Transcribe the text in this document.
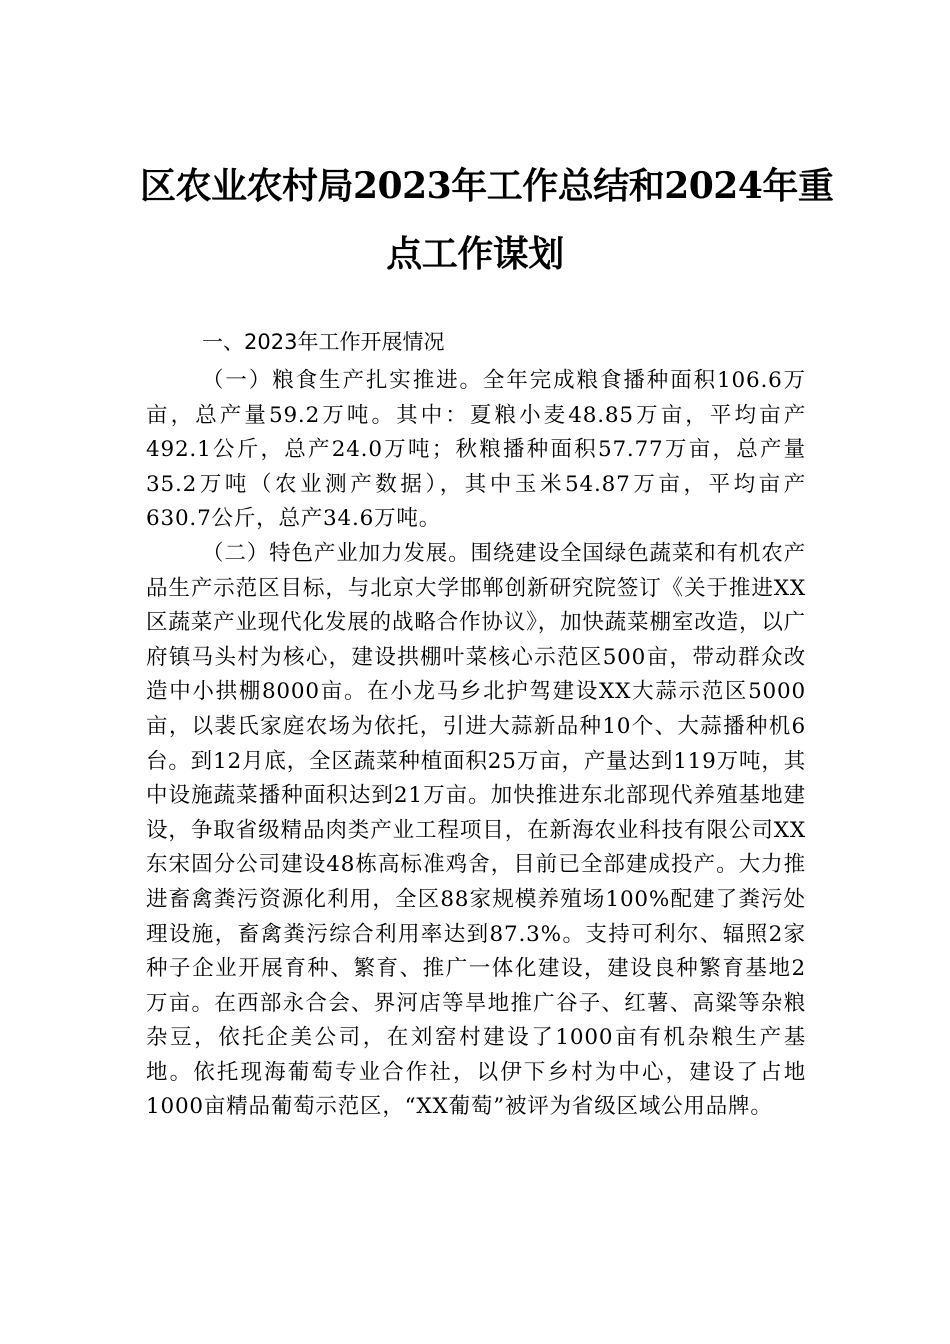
区农业农村局2023年工作总结和2024年重
点工作谋划

一、2023年工作开展情况

（一）粮食生产扎实推进。全年完成粮食播种面积106.6万亩，总产量59.2万吨。其中：夏粮小麦48.85万亩，平均亩产492.1公斤，总产24.0万吨；秋粮播种面积57.77万亩，总产量35.2万吨（农业测产数据），其中玉米54.87万亩，平均亩产630.7公斤，总产34.6万吨。

（二）特色产业加力发展。围绕建设全国绿色蔬菜和有机农产品生产示范区目标，与北京大学邯郸创新研究院签订《关于推进XX区蔬菜产业现代化发展的战略合作协议》，加快蔬菜棚室改造，以广府镇马头村为核心，建设拱棚叶菜核心示范区500亩，带动群众改造中小拱棚8000亩。在小龙马乡北护驾建设XX大蒜示范区5000亩，以裴氏家庭农场为依托，引进大蒜新品种10个、大蒜播种机6台。到12月底，全区蔬菜种植面积25万亩，产量达到119万吨，其中设施蔬菜播种面积达到21万亩。加快推进东北部现代养殖基地建设，争取省级精品肉类产业工程项目，在新海农业科技有限公司XX东宋固分公司建设48栋高标准鸡舍，目前已全部建成投产。大力推进畜禽粪污资源化利用，全区88家规模养殖场100%配建了粪污处理设施，畜禽粪污综合利用率达到87.3%。支持可利尔、辐照2家种子企业开展育种、繁育、推广一体化建设，建设良种繁育基地2万亩。在西部永合会、界河店等旱地推广谷子、红薯、高粱等杂粮杂豆，依托企美公司，在刘窑村建设了1000亩有机杂粮生产基地。依托现海葡萄专业合作社，以伊下乡村为中心，建设了占地1000亩精品葡萄示范区，“XX葡萄”被评为省级区域公用品牌。
